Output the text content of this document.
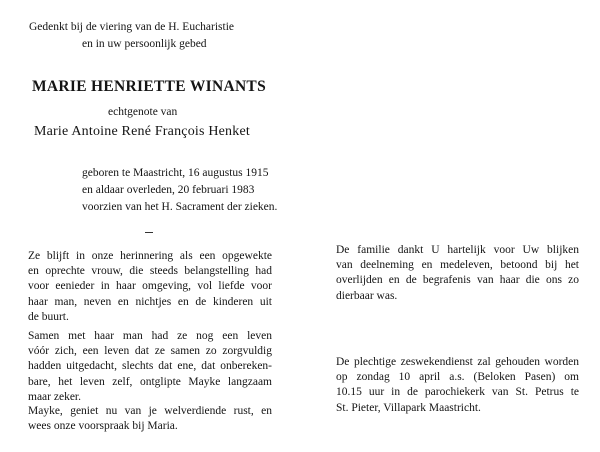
Gedenkt bij de viering van de H. Eucharistie
en in uw persoonlijk gebed
MARIE HENRIETTE WINANTS
echtgenote van
Marie Antoine René François Henket
geboren te Maastricht, 16 augustus 1915
en aldaar overleden, 20 februari 1983
voorzien van het H. Sacrament der zieken.
Ze blijft in onze herinnering als een opgewekte
en oprechte vrouw, die steeds belangstelling had
voor eenieder in haar omgeving, vol liefde voor
haar man, neven en nichtjes en de kinderen uit
de buurt.
Samen met haar man had ze nog een leven
vóór zich, een leven dat ze samen zo zorgvuldig
hadden uitgedacht, slechts dat ene, dat onbereken-
bare, het leven zelf, ontglipte Mayke langzaam
maar zeker.
Mayke, geniet nu van je welverdiende rust, en
wees onze voorspraak bij Maria.
De familie dankt U hartelijk voor Uw blijken
van deelneming en medeleven, betoond bij het
overlijden en de begrafenis van haar die ons zo
dierbaar was.
De plechtige zeswekendienst zal gehouden worden
op zondag 10 april a.s. (Beloken Pasen) om
10.15 uur in de parochiekerk van St. Petrus te
St. Pieter, Villapark Maastricht.
